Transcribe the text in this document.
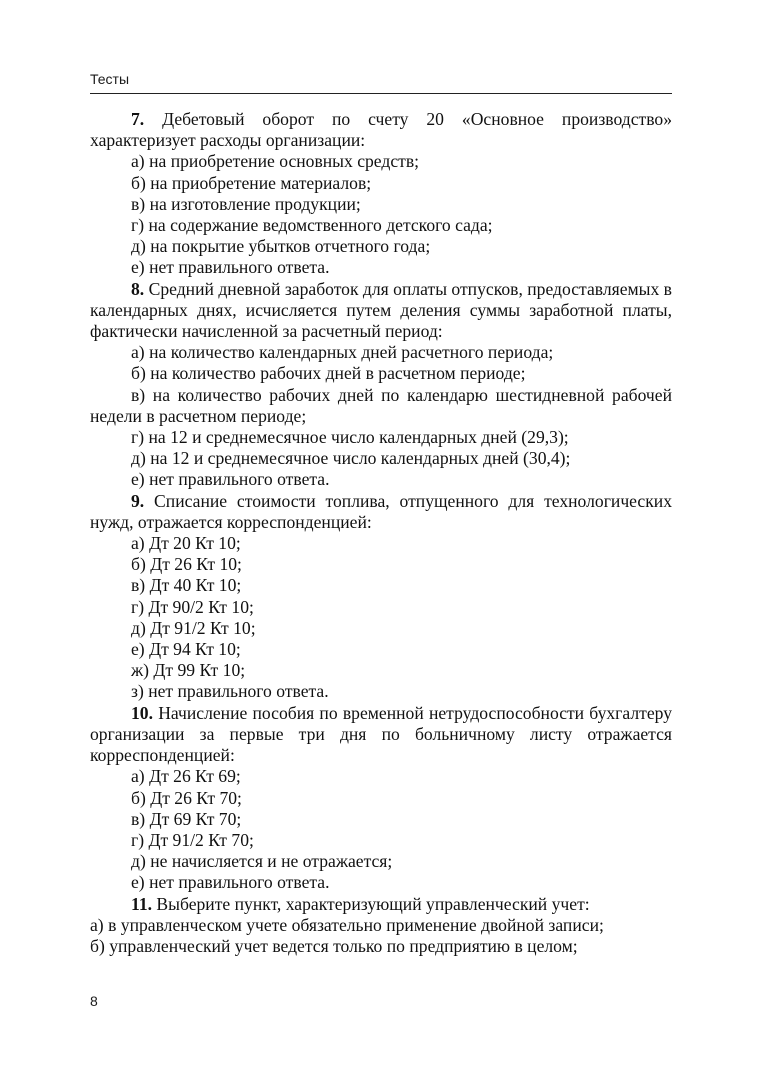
Тесты

7. Дебетовый оборот по счету 20 «Основное производство» характеризует расходы организации:

а) на приобретение основных средств;

б) на приобретение материалов;

в) на изготовление продукции;

г) на содержание ведомственного детского сада;

д) на покрытие убытков отчетного года;

е) нет правильного ответа.

8. Средний дневной заработок для оплаты отпусков, предоставляемых в календарных днях, исчисляется путем деления суммы заработной платы, фактически начисленной за расчетный период:

а) на количество календарных дней расчетного периода;

б) на количество рабочих дней в расчетном периоде;

в) на количество рабочих дней по календарю шестидневной рабочей недели в расчетном периоде;

г) на 12 и среднемесячное число календарных дней (29,3);

д) на 12 и среднемесячное число календарных дней (30,4);

е) нет правильного ответа.

9. Списание стоимости топлива, отпущенного для технологических нужд, отражается корреспонденцией:

а) Дт 20 Кт 10;

б) Дт 26 Кт 10;

в) Дт 40 Кт 10;

г) Дт 90/2 Кт 10;

д) Дт 91/2 Кт 10;

е) Дт 94 Кт 10;

ж) Дт 99 Кт 10;

з) нет правильного ответа.

10. Начисление пособия по временной нетрудоспособности бухгалтеру организации за первые три дня по больничному листу отражается корреспонденцией:

а) Дт 26 Кт 69;

б) Дт 26 Кт 70;

в) Дт 69 Кт 70;

г) Дт 91/2 Кт 70;

д) не начисляется и не отражается;

е) нет правильного ответа.

11. Выберите пункт, характеризующий управленческий учет:

а) в управленческом учете обязательно применение двойной записи;

б) управленческий учет ведется только по предприятию в целом;

8
